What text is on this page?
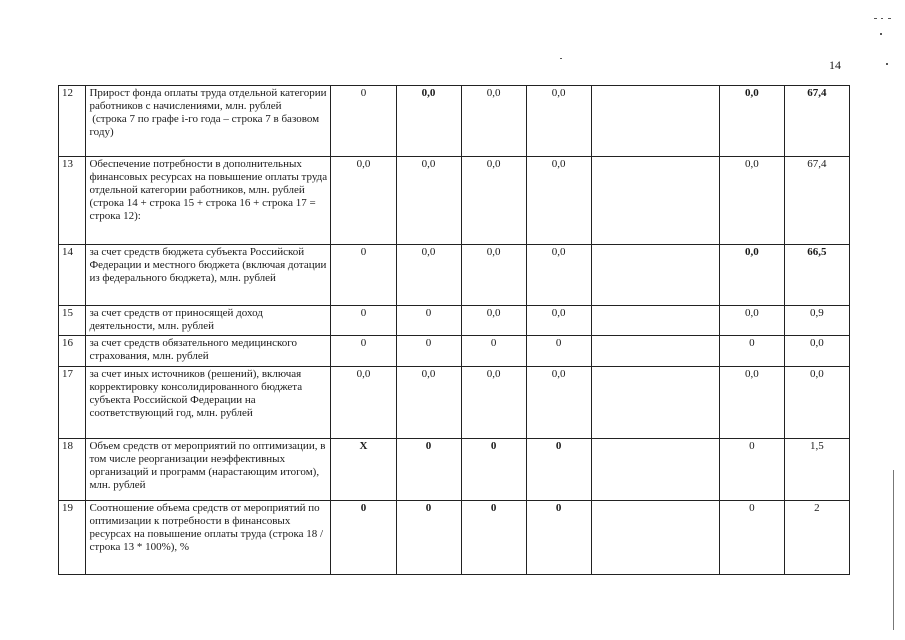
14
12	Прирост фонда оплаты труда отдельной категории работников с начислениями, млн. рублей
(строка 7 по графе i-го года – строка 7 в базовом году)	0	0,0	0,0	0,0		0,0	67,4
13	Обеспечение потребности в дополнительных финансовых ресурсах на повышение оплаты труда отдельной категории работников, млн. рублей (строка 14 + строка 15 + строка 16 + строка 17 = строка 12):	0,0	0,0	0,0	0,0		0,0	67,4
14	за счет средств бюджета субъекта Российской Федерации и местного бюджета (включая дотации из федерального бюджета), млн. рублей	0	0,0	0,0	0,0		0,0	66,5
15	за счет средств от приносящей доход деятельности, млн. рублей	0	0	0,0	0,0		0,0	0,9
16	за счет средств обязательного медицинского страхования, млн. рублей	0	0	0	0		0	0,0
17	за счет иных источников (решений), включая корректировку консолидированного бюджета субъекта Российской Федерации на соответствующий год, млн. рублей	0,0	0,0	0,0	0,0		0,0	0,0
18	Объем средств от мероприятий по оптимизации, в том числе реорганизации неэффективных организаций и программ (нарастающим итогом), млн. рублей	Х	0	0	0		0	1,5
19	Соотношение объема средств от мероприятий по оптимизации к потребности в финансовых ресурсах на повышение оплаты труда (строка 18 / строка 13 * 100%), %	0	0	0	0		0	2
